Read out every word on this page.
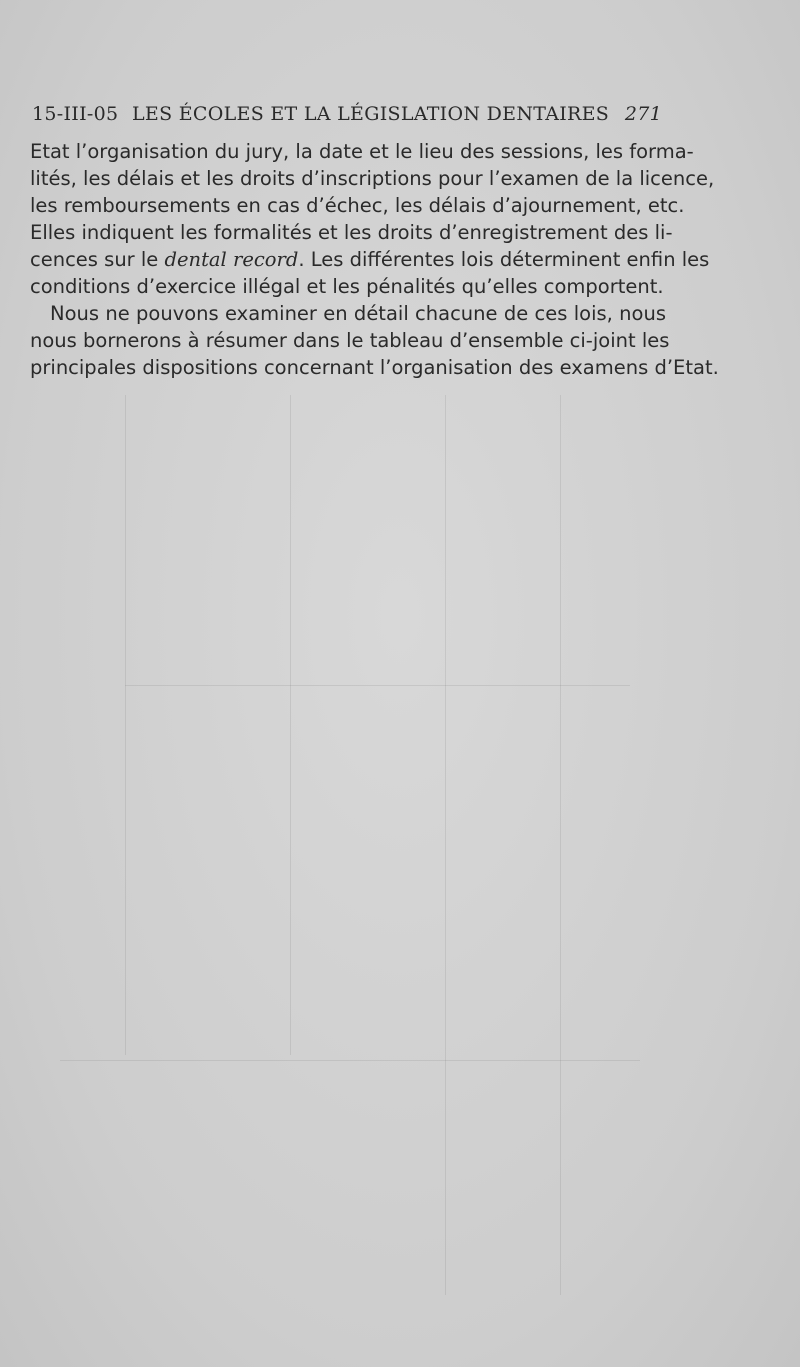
15-III-05 LES ÉCOLES ET LA LÉGISLATION DENTAIRES 271

Etat l’organisation du jury, la date et le lieu des sessions, les forma-
lités, les délais et les droits d’inscriptions pour l’examen de la licence,
les remboursements en cas d’échec, les délais d’ajournement, etc.
Elles indiquent les formalités et les droits d’enregistrement des li-
cences sur le dental record. Les différentes lois déterminent enfin les
conditions d’exercice illégal et les pénalités qu’elles comportent.

Nous ne pouvons examiner en détail chacune de ces lois, nous
nous bornerons à résumer dans le tableau d’ensemble ci-joint les
principales dispositions concernant l’organisation des examens d’Etat.
